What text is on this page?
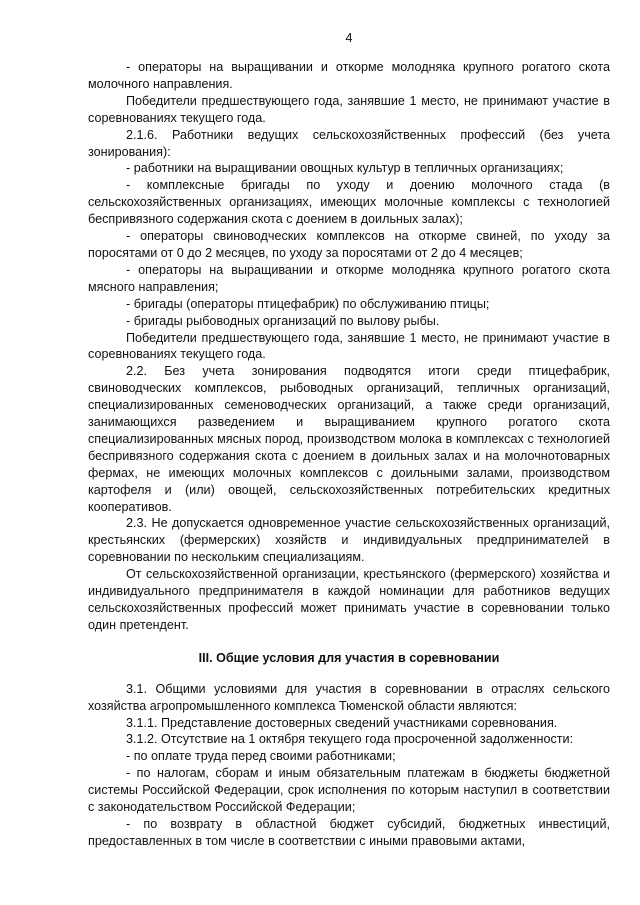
4

- операторы на выращивании и откорме молодняка крупного рогатого скота молочного направления.

Победители предшествующего года, занявшие 1 место, не принимают участие в соревнованиях текущего года.

2.1.6. Работники ведущих сельскохозяйственных профессий (без учета зонирования):

- работники на выращивании овощных культур в тепличных организациях;

- комплексные бригады по уходу и доению молочного стада (в сельскохозяйственных организациях, имеющих молочные комплексы с технологией беспривязного содержания скота с доением в доильных залах);

- операторы свиноводческих комплексов на откорме свиней, по уходу за поросятами от 0 до 2 месяцев, по уходу за поросятами от 2 до 4 месяцев;

- операторы на выращивании и откорме молодняка крупного рогатого скота мясного направления;

- бригады (операторы птицефабрик) по обслуживанию птицы;

- бригады рыбоводных организаций по вылову рыбы.

Победители предшествующего года, занявшие 1 место, не принимают участие в соревнованиях текущего года.

2.2. Без учета зонирования подводятся итоги среди птицефабрик, свиноводческих комплексов, рыбоводных организаций, тепличных организаций, специализированных семеноводческих организаций, а также среди организаций, занимающихся разведением и выращиванием крупного рогатого скота специализированных мясных пород, производством молока в комплексах с технологией беспривязного содержания скота с доением в доильных залах и на молочнотоварных фермах, не имеющих молочных комплексов с доильными залами, производством картофеля и (или) овощей, сельскохозяйственных потребительских кредитных кооперативов.

2.3. Не допускается одновременное участие сельскохозяйственных организаций, крестьянских (фермерских) хозяйств и индивидуальных предпринимателей в соревновании по нескольким специализациям.

От сельскохозяйственной организации, крестьянского (фермерского) хозяйства и индивидуального предпринимателя в каждой номинации для работников ведущих сельскохозяйственных профессий может принимать участие в соревновании только один претендент.

III. Общие условия для участия в соревновании

3.1. Общими условиями для участия в соревновании в отраслях сельского хозяйства агропромышленного комплекса Тюменской области являются:

3.1.1. Представление достоверных сведений участниками соревнования.

3.1.2. Отсутствие на 1 октября текущего года просроченной задолженности:

- по оплате труда перед своими работниками;

- по налогам, сборам и иным обязательным платежам в бюджеты бюджетной системы Российской Федерации, срок исполнения по которым наступил в соответствии с законодательством Российской Федерации;

- по возврату в областной бюджет субсидий, бюджетных инвестиций, предоставленных в том числе в соответствии с иными правовыми актами,
